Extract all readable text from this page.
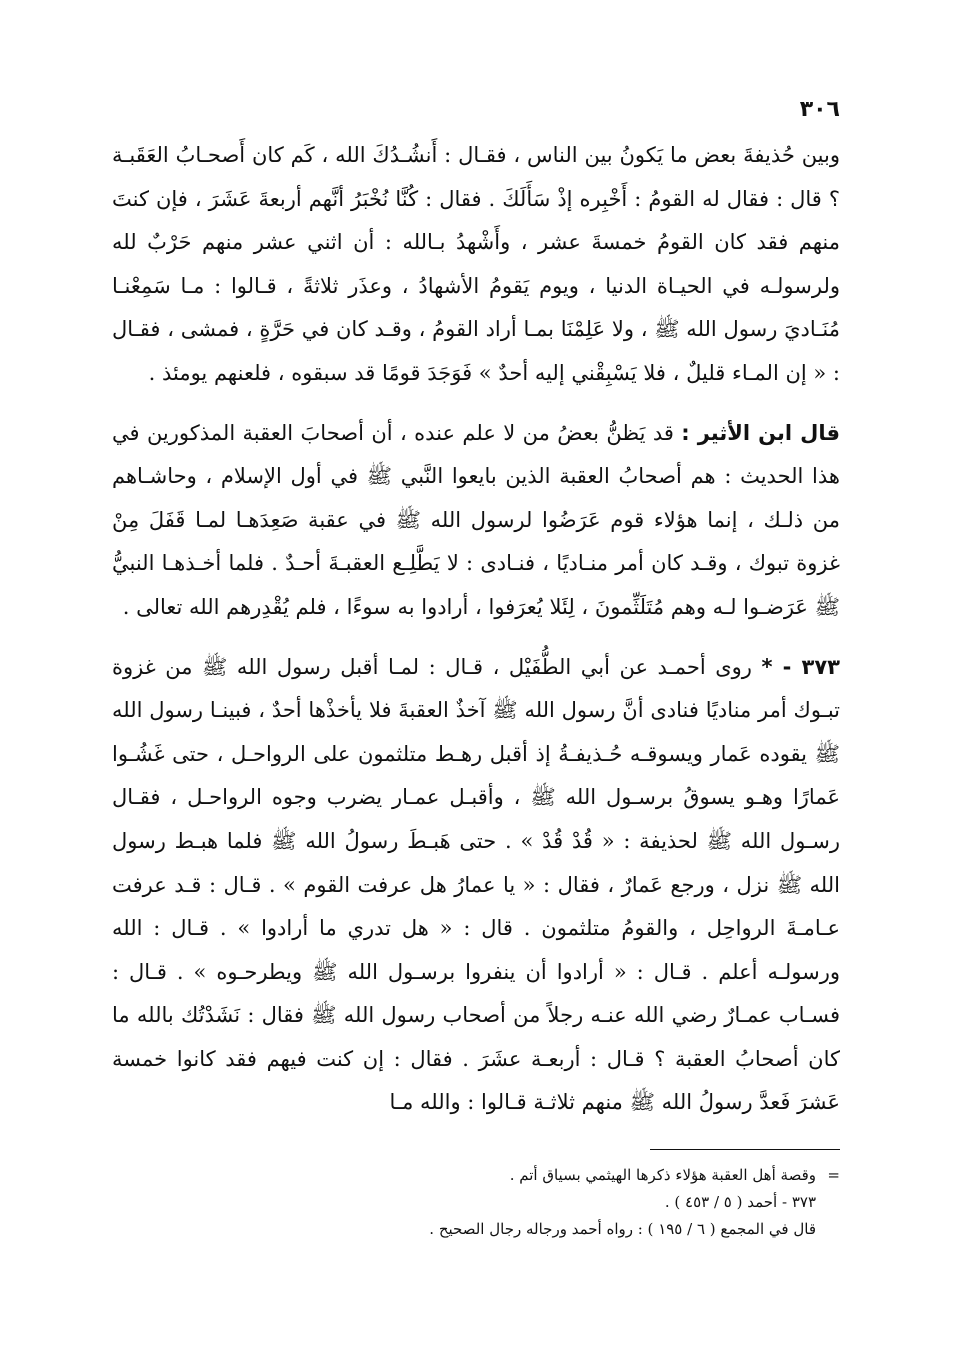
٣٠٦

وبين حُذيفةَ بعض ما يَكونُ بين الناس ، فقـال : أَنشُـدُكَ الله ، كَم كان أَصحـابُ العَقَبـة ؟ قال : فقال له القومُ : أَخْبِره إذْ سَأَلَكَ . فقال : كُنَّا نُخْبَرُ أنَّهم أربعةَ عَشَرَ ، فإن كنتَ منهم فقد كان القومُ خمسةَ عشر ، وأَشْهدُ بـالله : أن اثني عشر منهم حَرْبٌ لله ولرسولـه في الحيـاة الدنيا ، ويوم يَقومُ الأشهادُ ، وعذَر ثلاثةً ، قـالوا : مـا سَمِعْنـا مُنَـاديَ رسول الله ﷺ ، ولا عَلِمْنَا بمـا أراد القومُ ، وقـد كان في حَرَّةٍ ، فمشى ، فقـال : « إن المـاء قليلٌ ، فلا يَسْبِقْني إليه أحدٌ » فَوَجَدَ قومًا قد سبقوه ، فلعنهم يومئذ .

قال ابن الأثير : قد يَظنُّ بعضُ من لا علم عنده ، أن أصحابَ العقبة المذكورين في هذا الحديث : هم أصحابُ العقبة الذين بايعوا النَّبي ﷺ في أول الإسلام ، وحاشـاهم من ذلـك ، إنما هؤلاء قوم عَرَضُوا لرسول الله ﷺ في عقبة صَعِدَهـا لمـا قَفَلَ مِنْ غزوة تبوك ، وقـد كان أمر منـاديًا ، فنـادى : لا يَطَّلِـع العقبـةَ أحـدٌ . فلما أخـذهـا النبيُّ ﷺ عَرَضـوا لـه وهم مُتَلَثِّمونَ ، لِئَلا يُعرَفوا ، أرادوا به سوءًا ، فلم يُقْدِرهم الله تعالى .

٣٧٣ - * روى أحمـد عن أبي الطُّفَيْل ، قـال : لمـا أقبل رسول الله ﷺ من غزوة تبـوك أمر مناديًا فنادى أنَّ رسول الله ﷺ آخذٌ العقبةَ فلا يأخذْها أحدٌ ، فبينـا رسول الله ﷺ يقوده عَمار ويسوقـه حُـذيفـةُ إذ أقبل رهـط متلثمون على الرواحـل ، حتى غَشُـوا عَمارًا وهـو يسوقُ برسـول الله ﷺ ، وأقبـل عمـار يضرب وجوه الرواحـل ، فقـال رسـول الله ﷺ لحذيفة : « قُدْ قُدْ » . حتى هَبـطَ رسولُ الله ﷺ فلما هبـط رسول الله ﷺ نزل ، ورجع عَمارٌ ، فقال : « يا عمارُ هل عرفت القوم » . قـال : قـد عرفت عـامـةَ الرواحِل ، والقومُ متلثمون . قال : « هل تدري ما أرادوا » . قـال : الله ورسولـه أعلم . قـال : « أرادوا أن ينفروا برسـول الله ﷺ ويطرحـوه » . قـال : فسـاب عمـارٌ رضي الله عنـه رجلاً من أصحاب رسول الله ﷺ فقال : نَشَدْتُك بالله ما كان أصحابُ العقبة ؟ قـال : أربعـة عشَرَ . فقال : إن كنت فيهم فقد كانوا خمسة عَشرَ فَعدَّ رسولُ الله ﷺ منهم ثلاثـة قـالوا : والله مـا

=
وقصة أهل العقبة هؤلاء ذكرها الهيثمي بسياق أتم .
٣٧٣ - أحمد ( ٥ / ٤٥٣ ) .
قال في المجمع ( ٦ / ١٩٥ ) : رواه أحمد ورجاله رجال الصحيح .
